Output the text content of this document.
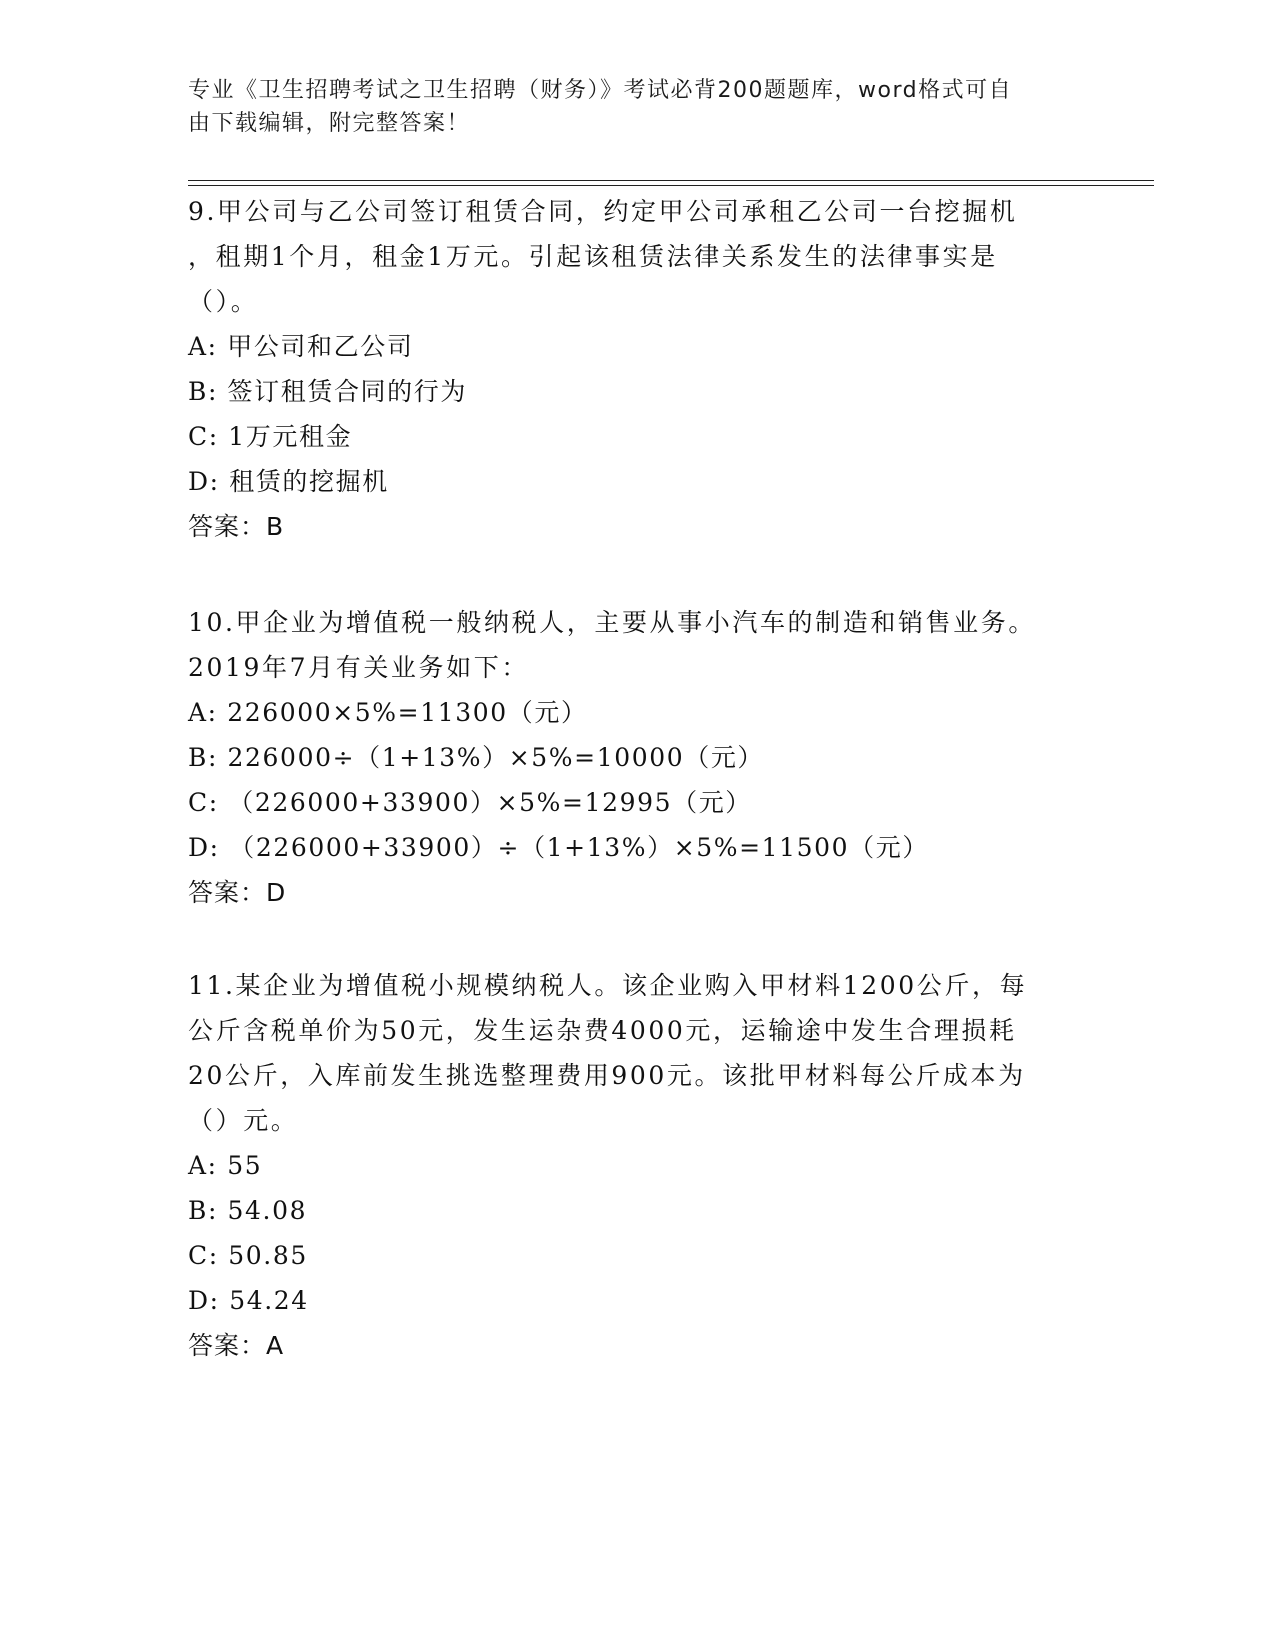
专业《卫生招聘考试之卫生招聘（财务）》考试必背200题题库，word格式可自
由下载编辑，附完整答案！

9.甲公司与乙公司签订租赁合同，约定甲公司承租乙公司一台挖掘机

，租期1个月，租金1万元。引起该租赁法律关系发生的法律事实是

（）。

A: 甲公司和乙公司

B: 签订租赁合同的行为

C: 1万元租金

D: 租赁的挖掘机

答案：B

10.甲企业为增值税一般纳税人，主要从事小汽车的制造和销售业务。

2019年7月有关业务如下：

A: 226000×5%=11300（元）

B: 226000÷（1+13%）×5%=10000（元）

C: （226000+33900）×5%=12995（元）

D: （226000+33900）÷（1+13%）×5%=11500（元）

答案：D

11.某企业为增值税小规模纳税人。该企业购入甲材料1200公斤，每

公斤含税单价为50元，发生运杂费4000元，运输途中发生合理损耗

20公斤，入库前发生挑选整理费用900元。该批甲材料每公斤成本为

（）元。

A: 55

B: 54.08

C: 50.85

D: 54.24

答案：A
